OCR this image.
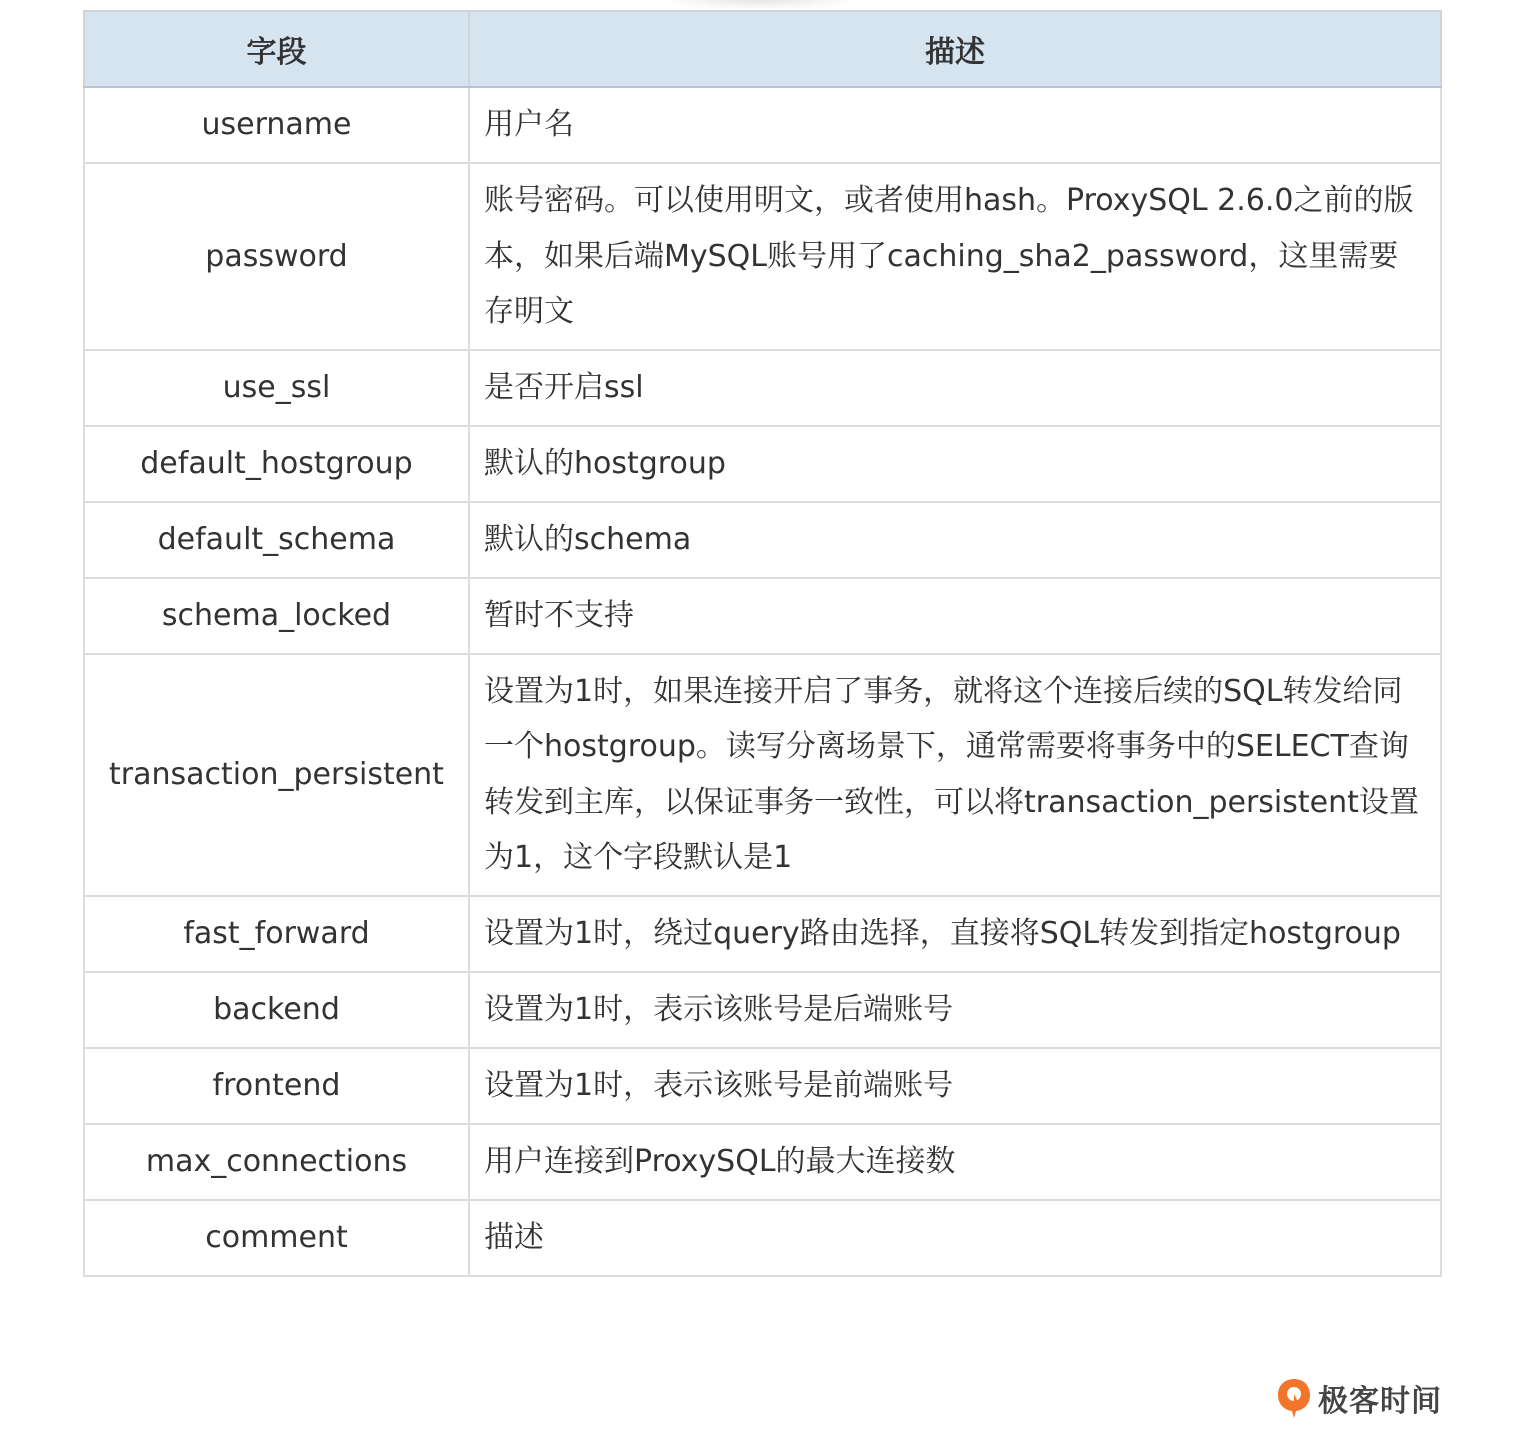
字段	描述
username	用户名
password	账号密码。可以使用明文，或者使用hash。ProxySQL 2.6.0之前的版本，如果后端MySQL账号用了caching_sha2_password，这里需要存明文
use_ssl	是否开启ssl
default_hostgroup	默认的hostgroup
default_schema	默认的schema
schema_locked	暂时不支持
transaction_persistent	设置为1时，如果连接开启了事务，就将这个连接后续的SQL转发给同一个hostgroup。读写分离场景下，通常需要将事务中的SELECT查询转发到主库，以保证事务一致性，可以将transaction_persistent设置为1，这个字段默认是1
fast_forward	设置为1时，绕过query路由选择，直接将SQL转发到指定hostgroup
backend	设置为1时，表示该账号是后端账号
frontend	设置为1时，表示该账号是前端账号
max_connections	用户连接到ProxySQL的最大连接数
comment	描述
极客时间
